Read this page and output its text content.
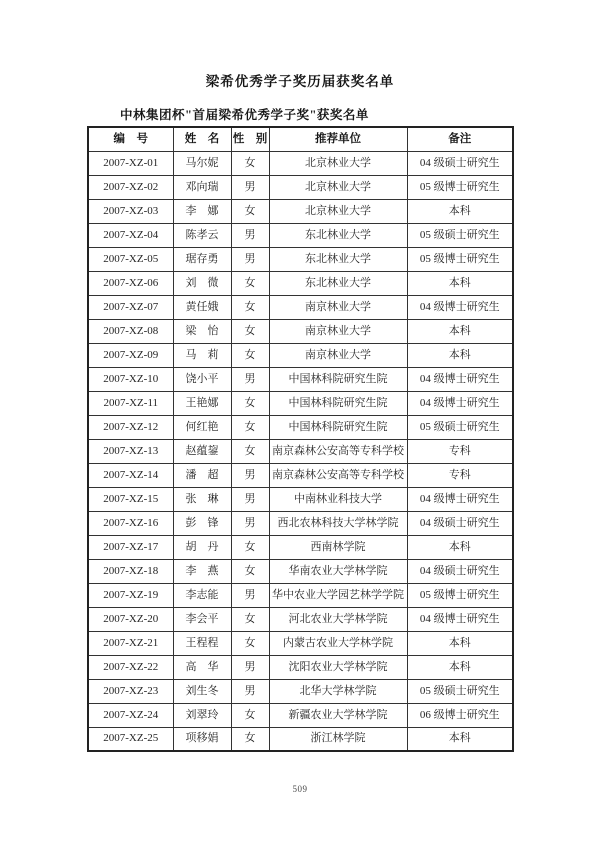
梁希优秀学子奖历届获奖名单
中林集团杯"首届梁希优秀学子奖"获奖名单
编　号	姓　名	性　别	推荐单位	备注
2007-XZ-01	马尔妮	女	北京林业大学	04 级硕士研究生
2007-XZ-02	邓向瑞	男	北京林业大学	05 级博士研究生
2007-XZ-03	李　娜	女	北京林业大学	本科
2007-XZ-04	陈孝云	男	东北林业大学	05 级硕士研究生
2007-XZ-05	琚存勇	男	东北林业大学	05 级博士研究生
2007-XZ-06	刘　微	女	东北林业大学	本科
2007-XZ-07	黄任娥	女	南京林业大学	04 级博士研究生
2007-XZ-08	梁　怡	女	南京林业大学	本科
2007-XZ-09	马　莉	女	南京林业大学	本科
2007-XZ-10	饶小平	男	中国林科院研究生院	04 级博士研究生
2007-XZ-11	王艳娜	女	中国林科院研究生院	04 级博士研究生
2007-XZ-12	何红艳	女	中国林科院研究生院	05 级硕士研究生
2007-XZ-13	赵蕴鋆	女	南京森林公安高等专科学校	专科
2007-XZ-14	潘　超	男	南京森林公安高等专科学校	专科
2007-XZ-15	张　琳	男	中南林业科技大学	04 级博士研究生
2007-XZ-16	彭　锋	男	西北农林科技大学林学院	04 级硕士研究生
2007-XZ-17	胡　丹	女	西南林学院	本科
2007-XZ-18	李　燕	女	华南农业大学林学院	04 级硕士研究生
2007-XZ-19	李志能	男	华中农业大学园艺林学学院	05 级博士研究生
2007-XZ-20	李会平	女	河北农业大学林学院	04 级博士研究生
2007-XZ-21	王程程	女	内蒙古农业大学林学院	本科
2007-XZ-22	高　华	男	沈阳农业大学林学院	本科
2007-XZ-23	刘生冬	男	北华大学林学院	05 级硕士研究生
2007-XZ-24	刘翠玲	女	新疆农业大学林学院	06 级博士研究生
2007-XZ-25	项移娟	女	浙江林学院	本科
509
